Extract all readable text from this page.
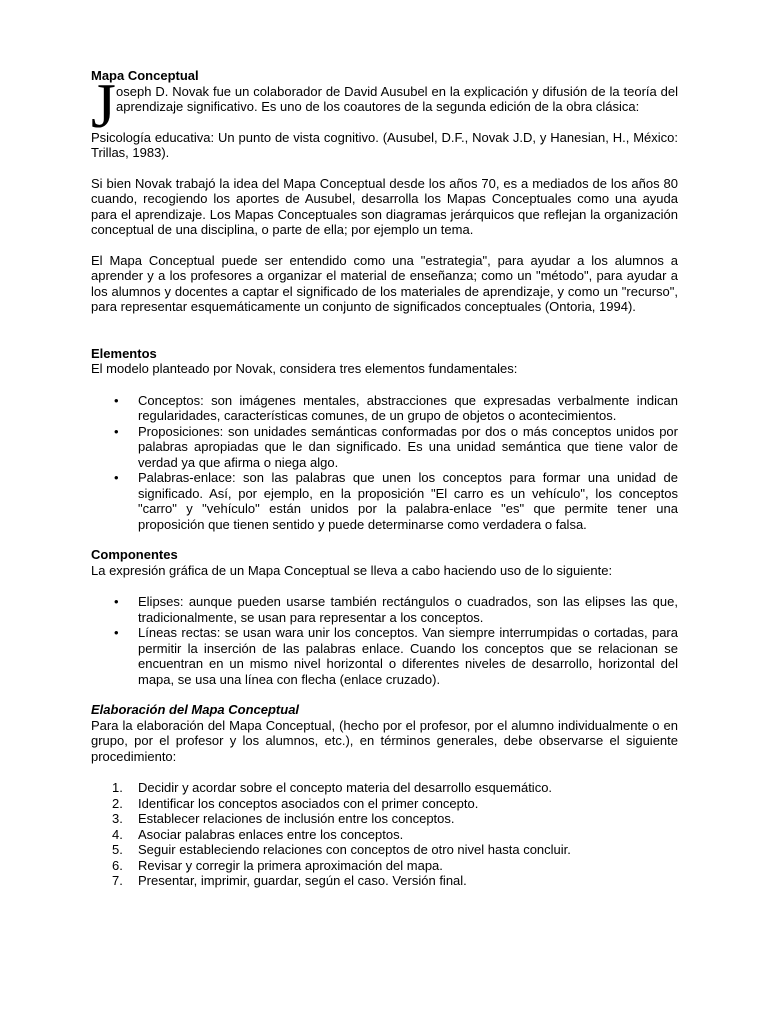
Mapa Conceptual
J oseph D. Novak fue un colaborador de David Ausubel en la explicación y difusión de la teoría del aprendizaje significativo. Es uno de los coautores de la segunda edición de la obra clásica:

Psicología educativa: Un punto de vista cognitivo. (Ausubel, D.F., Novak J.D, y Hanesian, H., México: Trillas, 1983).

Si bien Novak trabajó la idea del Mapa Conceptual desde los años 70, es a mediados de los años 80 cuando, recogiendo los aportes de Ausubel, desarrolla los Mapas Conceptuales como una ayuda para el aprendizaje. Los Mapas Conceptuales son diagramas jerárquicos que reflejan la organización conceptual de una disciplina, o parte de ella; por ejemplo un tema.

El Mapa Conceptual puede ser entendido como una "estrategia", para ayudar a los alumnos a aprender y a los profesores a organizar el material de enseñanza; como un "método", para ayudar a los alumnos y docentes a captar el significado de los materiales de aprendizaje, y como un "recurso", para representar esquemáticamente un conjunto de significados conceptuales (Ontoria, 1994).

Elementos

El modelo planteado por Novak, considera tres elementos fundamentales:

• Conceptos: son imágenes mentales, abstracciones que expresadas verbalmente indican regularidades, características comunes, de un grupo de objetos o acontecimientos.
• Proposiciones: son unidades semánticas conformadas por dos o más conceptos unidos por palabras apropiadas que le dan significado. Es una unidad semántica que tiene valor de verdad ya que afirma o niega algo.
• Palabras-enlace: son las palabras que unen los conceptos para formar una unidad de significado. Así, por ejemplo, en la proposición "El carro es un vehículo", los conceptos "carro" y "vehículo" están unidos por la palabra-enlace "es" que permite tener una proposición que tienen sentido y puede determinarse como verdadera o falsa.
Componentes

La expresión gráfica de un Mapa Conceptual se lleva a cabo haciendo uso de lo siguiente:

• Elipses: aunque pueden usarse también rectángulos o cuadrados, son las elipses las que, tradicionalmente, se usan para representar a los conceptos.
• Líneas rectas: se usan wara unir los conceptos. Van siempre interrumpidas o cortadas, para permitir la inserción de las palabras enlace. Cuando los conceptos que se relacionan se encuentran en un mismo nivel horizontal o diferentes niveles de desarrollo, horizontal del mapa, se usa una línea con flecha (enlace cruzado).
Elaboración del Mapa Conceptual

Para la elaboración del Mapa Conceptual, (hecho por el profesor, por el alumno individualmente o en grupo, por el profesor y los alumnos, etc.), en términos generales, debe observarse el siguiente procedimiento:

1. Decidir y acordar sobre el concepto materia del desarrollo esquemático.
2. Identificar los conceptos asociados con el primer concepto.
3. Establecer relaciones de inclusión entre los conceptos.
4. Asociar palabras enlaces entre los conceptos.
5. Seguir estableciendo relaciones con conceptos de otro nivel hasta concluir.
6. Revisar y corregir la primera aproximación del mapa.
7. Presentar, imprimir, guardar, según el caso. Versión final.
